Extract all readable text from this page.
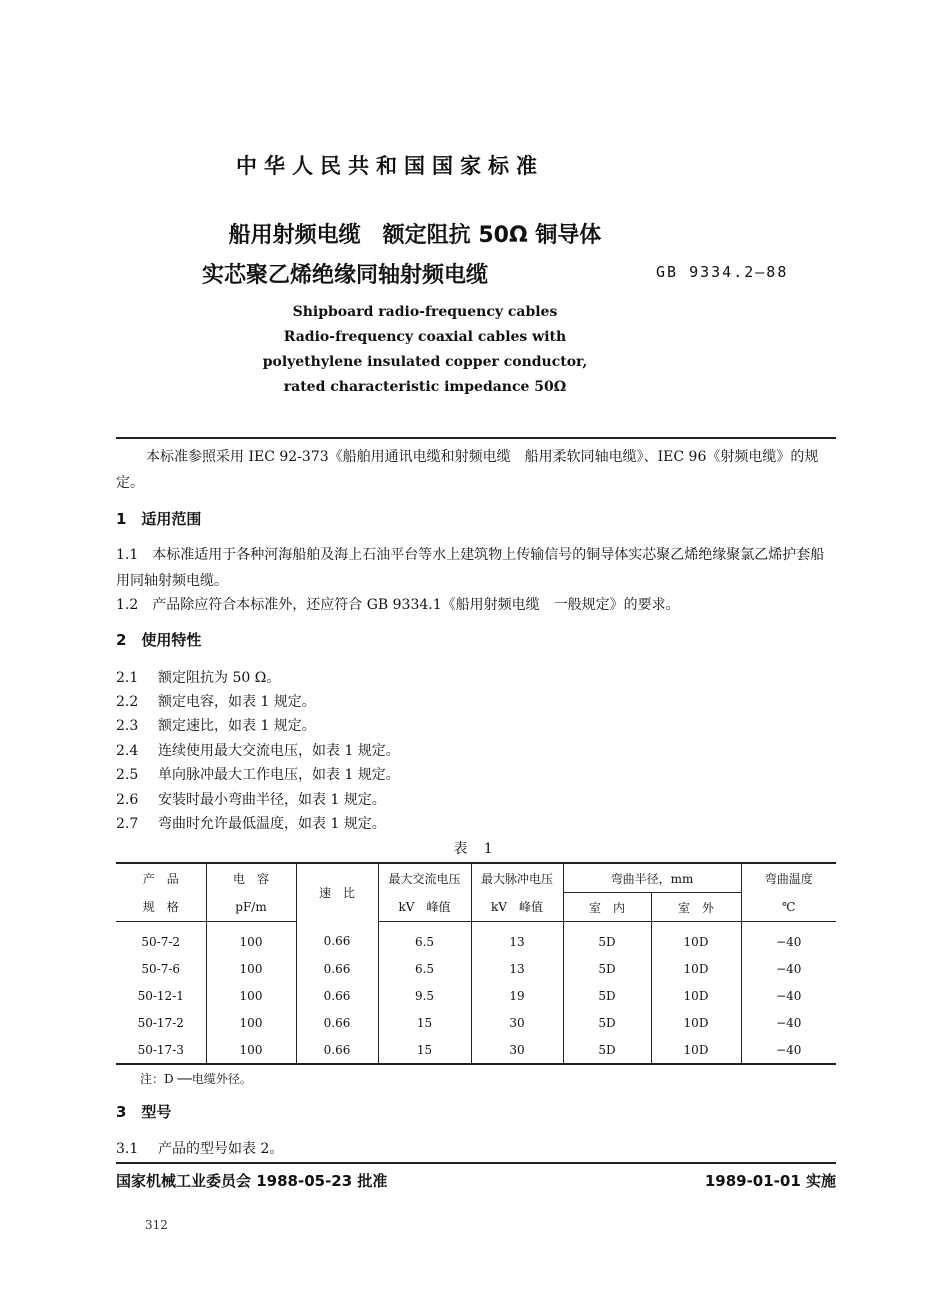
中华人民共和国国家标准
船用射频电缆　额定阻抗 50Ω 铜导体
实芯聚乙烯绝缘同轴射频电缆	GB 9334.2—88
Shipboard radio-frequency cables
Radio-frequency coaxial cables with
polyethylene insulated copper conductor,
rated characteristic impedance 50Ω
本标准参照采用 IEC 92-373《船舶用通讯电缆和射频电缆　船用柔软同轴电缆》、IEC 96《射频电缆》的规定。
1　适用范围
1.1　 本标准适用于各种河海船舶及海上石油平台等水上建筑物上传输信号的铜导体实芯聚乙烯绝缘聚氯乙烯护套船用同轴射频电缆。
1.2　 产品除应符合本标准外，还应符合 GB 9334.1《船用射频电缆　一般规定》的要求。
2　使用特性
2.1 额定阻抗为 50 Ω。
2.2 额定电容，如表 1 规定。
2.3 额定速比，如表 1 规定。
2.4 连续使用最大交流电压，如表 1 规定。
2.5 单向脉冲最大工作电压，如表 1 规定。
2.6 安装时最小弯曲半径，如表 1 规定。
2.7 弯曲时允许最低温度，如表 1 规定。
表 1
产　品	电　容	速　比	最大交流电压	最大脉冲电压	弯曲半径，mm		弯曲温度
规　格	pF/m		kV　峰值	kV　峰值	室　内	室　外	℃
50-7-2	100	0.66	6.5	13	5D	10D	−40
50-7-6	100	0.66	6.5	13	5D	10D	−40
50-12-1	100	0.66	9.5	19	5D	10D	−40
50-17-2	100	0.66	15	30	5D	10D	−40
50-17-3	100	0.66	15	30	5D	10D	−40
注：D ──电缆外径。
3　型号
3.1 产品的型号如表 2。
国家机械工业委员会 1988-05-23 批准	1989-01-01 实施
312
